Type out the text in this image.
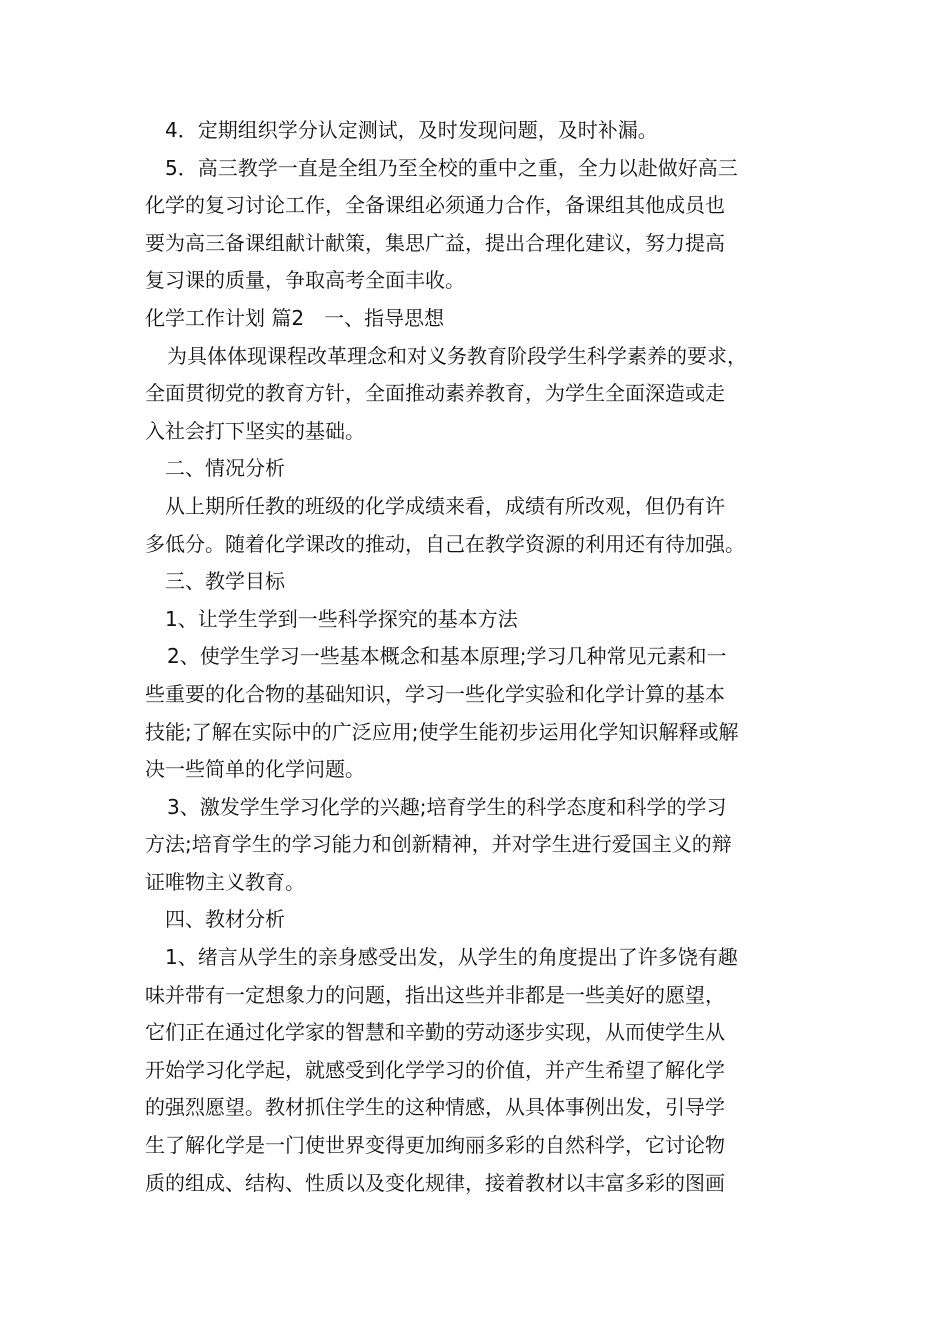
4．定期组织学分认定测试，及时发现问题，及时补漏。
5．高三教学一直是全组乃至全校的重中之重，全力以赴做好高三
化学的复习讨论工作，全备课组必须通力合作，备课组其他成员也
要为高三备课组献计献策，集思广益，提出合理化建议，努力提高
复习课的质量，争取高考全面丰收。
化学工作计划 篇2　一、指导思想
为具体体现课程改革理念和对义务教育阶段学生科学素养的要求，
全面贯彻党的教育方针，全面推动素养教育，为学生全面深造或走
入社会打下坚实的基础。
二、情况分析
从上期所任教的班级的化学成绩来看，成绩有所改观，但仍有许
多低分。随着化学课改的推动，自己在教学资源的利用还有待加强。
三、教学目标
1、让学生学到一些科学探究的基本方法
2、使学生学习一些基本概念和基本原理;学习几种常见元素和一
些重要的化合物的基础知识，学习一些化学实验和化学计算的基本
技能;了解在实际中的广泛应用;使学生能初步运用化学知识解释或解
决一些简单的化学问题。
3、激发学生学习化学的兴趣;培育学生的科学态度和科学的学习
方法;培育学生的学习能力和创新精神，并对学生进行爱国主义的辩
证唯物主义教育。
四、教材分析
1、绪言从学生的亲身感受出发，从学生的角度提出了许多饶有趣
味并带有一定想象力的问题，指出这些并非都是一些美好的愿望，
它们正在通过化学家的智慧和辛勤的劳动逐步实现，从而使学生从
开始学习化学起，就感受到化学学习的价值，并产生希望了解化学
的强烈愿望。教材抓住学生的这种情感，从具体事例出发，引导学
生了解化学是一门使世界变得更加绚丽多彩的自然科学，它讨论物
质的组成、结构、性质以及变化规律，接着教材以丰富多彩的图画
